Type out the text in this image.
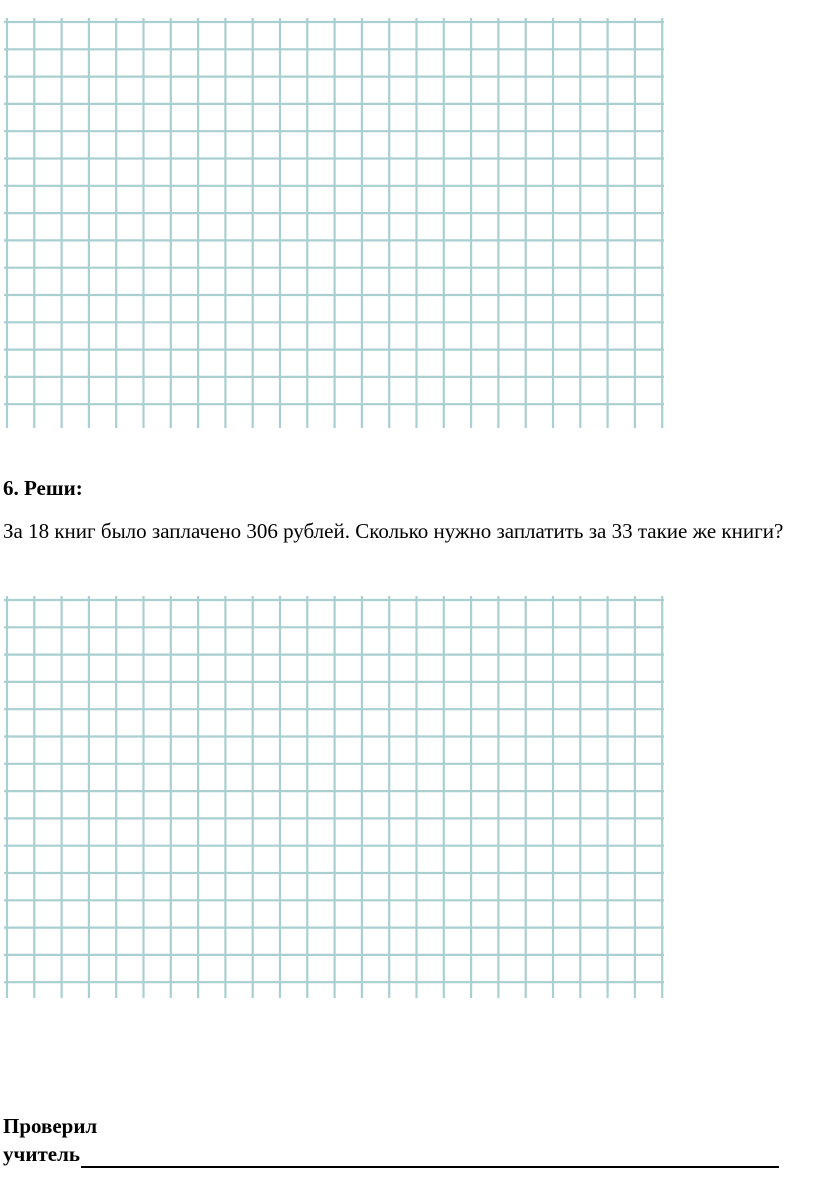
6. Реши:
За 18 книг было заплачено 306 рублей. Сколько нужно заплатить за 33 такие же книги?
Проверил
учитель
